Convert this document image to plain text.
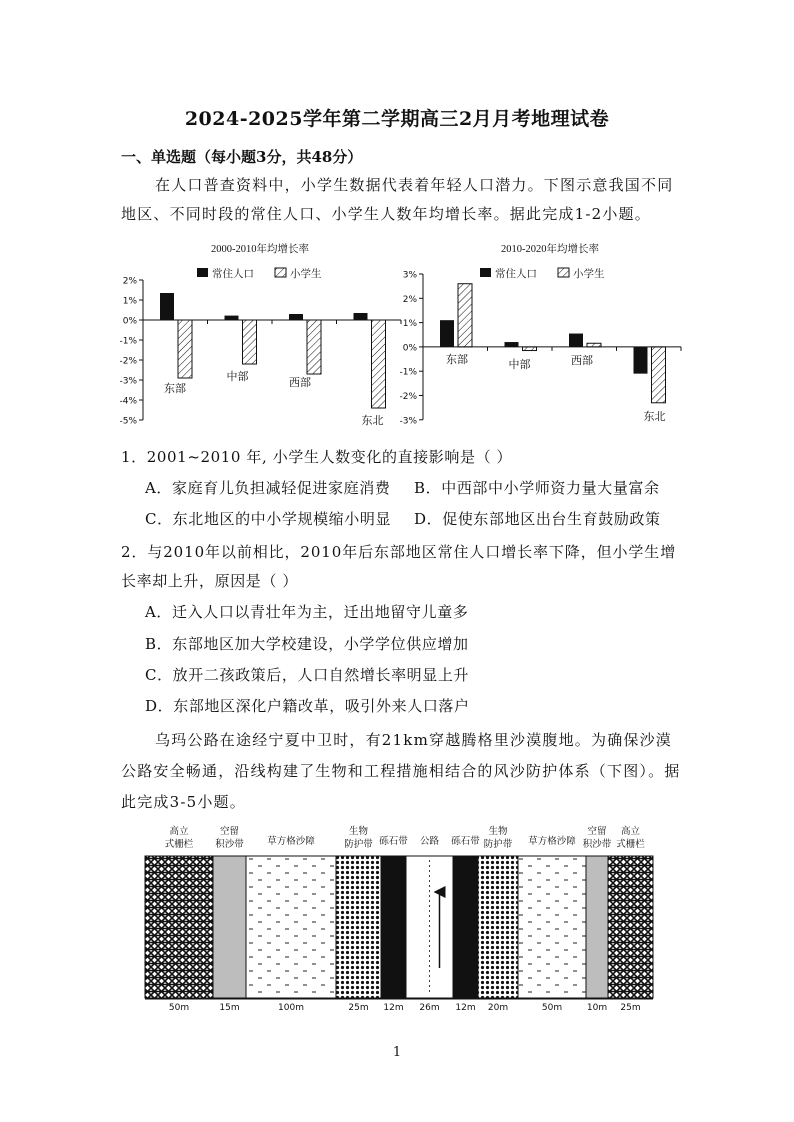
2024-2025学年第二学期高三2月月考地理试卷
一、单选题（每小题3分，共48分）
在人口普查资料中，小学生数据代表着年轻人口潜力。下图示意我国不同
地区、不同时段的常住人口、小学生人数年均增长率。据此完成1-2小题。
2000-2010年均增长率
2%
1%
0%
-1%
-2%
-3%
-4%
-5%
东部
中部	西部
东北
常住人口	小学生
2010-2020年均增长率
3%
2%
1%
0%
-1%
-2%
-3%
东部	中部	西部
东北
常住人口	小学生
1．2001~2010 年, 小学生人数变化的直接影响是（ ）
A．家庭育儿负担减轻促进家庭消费 B．中西部中小学师资力量大量富余
C．东北地区的中小学规模缩小明显 D．促使东部地区出台生育鼓励政策
2．与2010年以前相比，2010年后东部地区常住人口增长率下降，但小学生增
长率却上升，原因是（ ）
A．迁入人口以青壮年为主，迁出地留守儿童多
B．东部地区加大学校建设，小学学位供应增加
C．放开二孩政策后，人口自然增长率明显上升
D．东部地区深化户籍改革，吸引外来人口落户
乌玛公路在途经宁夏中卫时，有21km穿越腾格里沙漠腹地。为确保沙漠
公路安全畅通，沿线构建了生物和工程措施相结合的风沙防护体系（下图）。据
此完成3-5小题。
高立
式栅栏
50m
空留
积沙带
15m
草方格沙障
100m
生物
防护带
25m
砾石带
12m
公路
26m
砾石带
12m
生物
防护带
20m
草方格沙障
50m
空留
积沙带
10m
高立
式栅栏
25m
1
